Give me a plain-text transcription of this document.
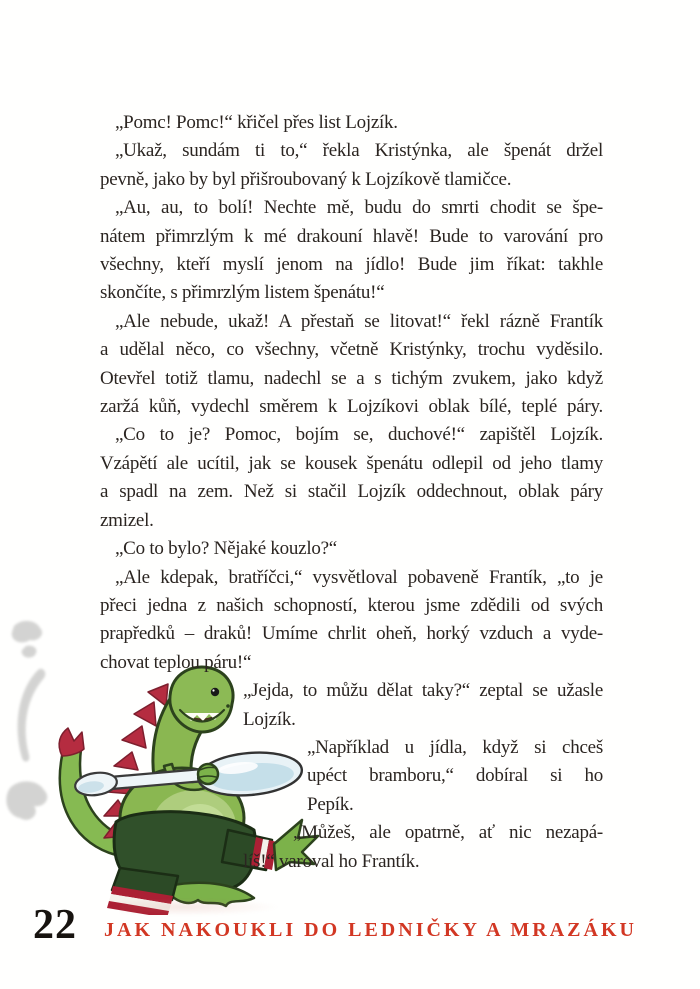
„Pomc! Pomc!“ křičel přes list Lojzík.
„Ukaž, sundám ti to,“ řekla Kristýnka, ale špenát držel
pevně, jako by byl přišroubovaný k Lojzíkově tlamičce.
„Au, au, to bolí! Nechte mě, budu do smrti chodit se špe-
nátem přimrzlým k mé drakouní hlavě! Bude to varování pro
všechny, kteří myslí jenom na jídlo! Bude jim říkat: takhle
skončíte, s přimrzlým listem špenátu!“
„Ale nebude, ukaž! A přestaň se litovat!“ řekl rázně Frantík
a udělal něco, co všechny, včetně Kristýnky, trochu vyděsilo.
Otevřel totiž tlamu, nadechl se a s tichým zvukem, jako když
zaržá kůň, vydechl směrem k Lojzíkovi oblak bílé, teplé páry.
„Co to je? Pomoc, bojím se, duchové!“ zapištěl Lojzík.
Vzápětí ale ucítil, jak se kousek špenátu odlepil od jeho tlamy
a spadl na zem. Než si stačil Lojzík oddechnout, oblak páry
zmizel.
„Co to bylo? Nějaké kouzlo?“
„Ale kdepak, bratříčci,“ vysvětloval pobaveně Frantík, „to je
přeci jedna z našich schopností, kterou jsme zdědili od svých
prapředků – draků! Umíme chrlit oheň, horký vzduch a vyde-
chovat teplou páru!“
„Jejda, to můžu dělat taky?“ zeptal se užasle
Lojzík.
„Například u jídla, když si chceš
upéct bramboru,“ dobíral si ho
Pepík.
„Můžeš, ale opatrně, ať nic nezapá-
líš!“ varoval ho Frantík.
22 JAK NAKOUKLI DO LEDNIČKY A MRAZÁKU
